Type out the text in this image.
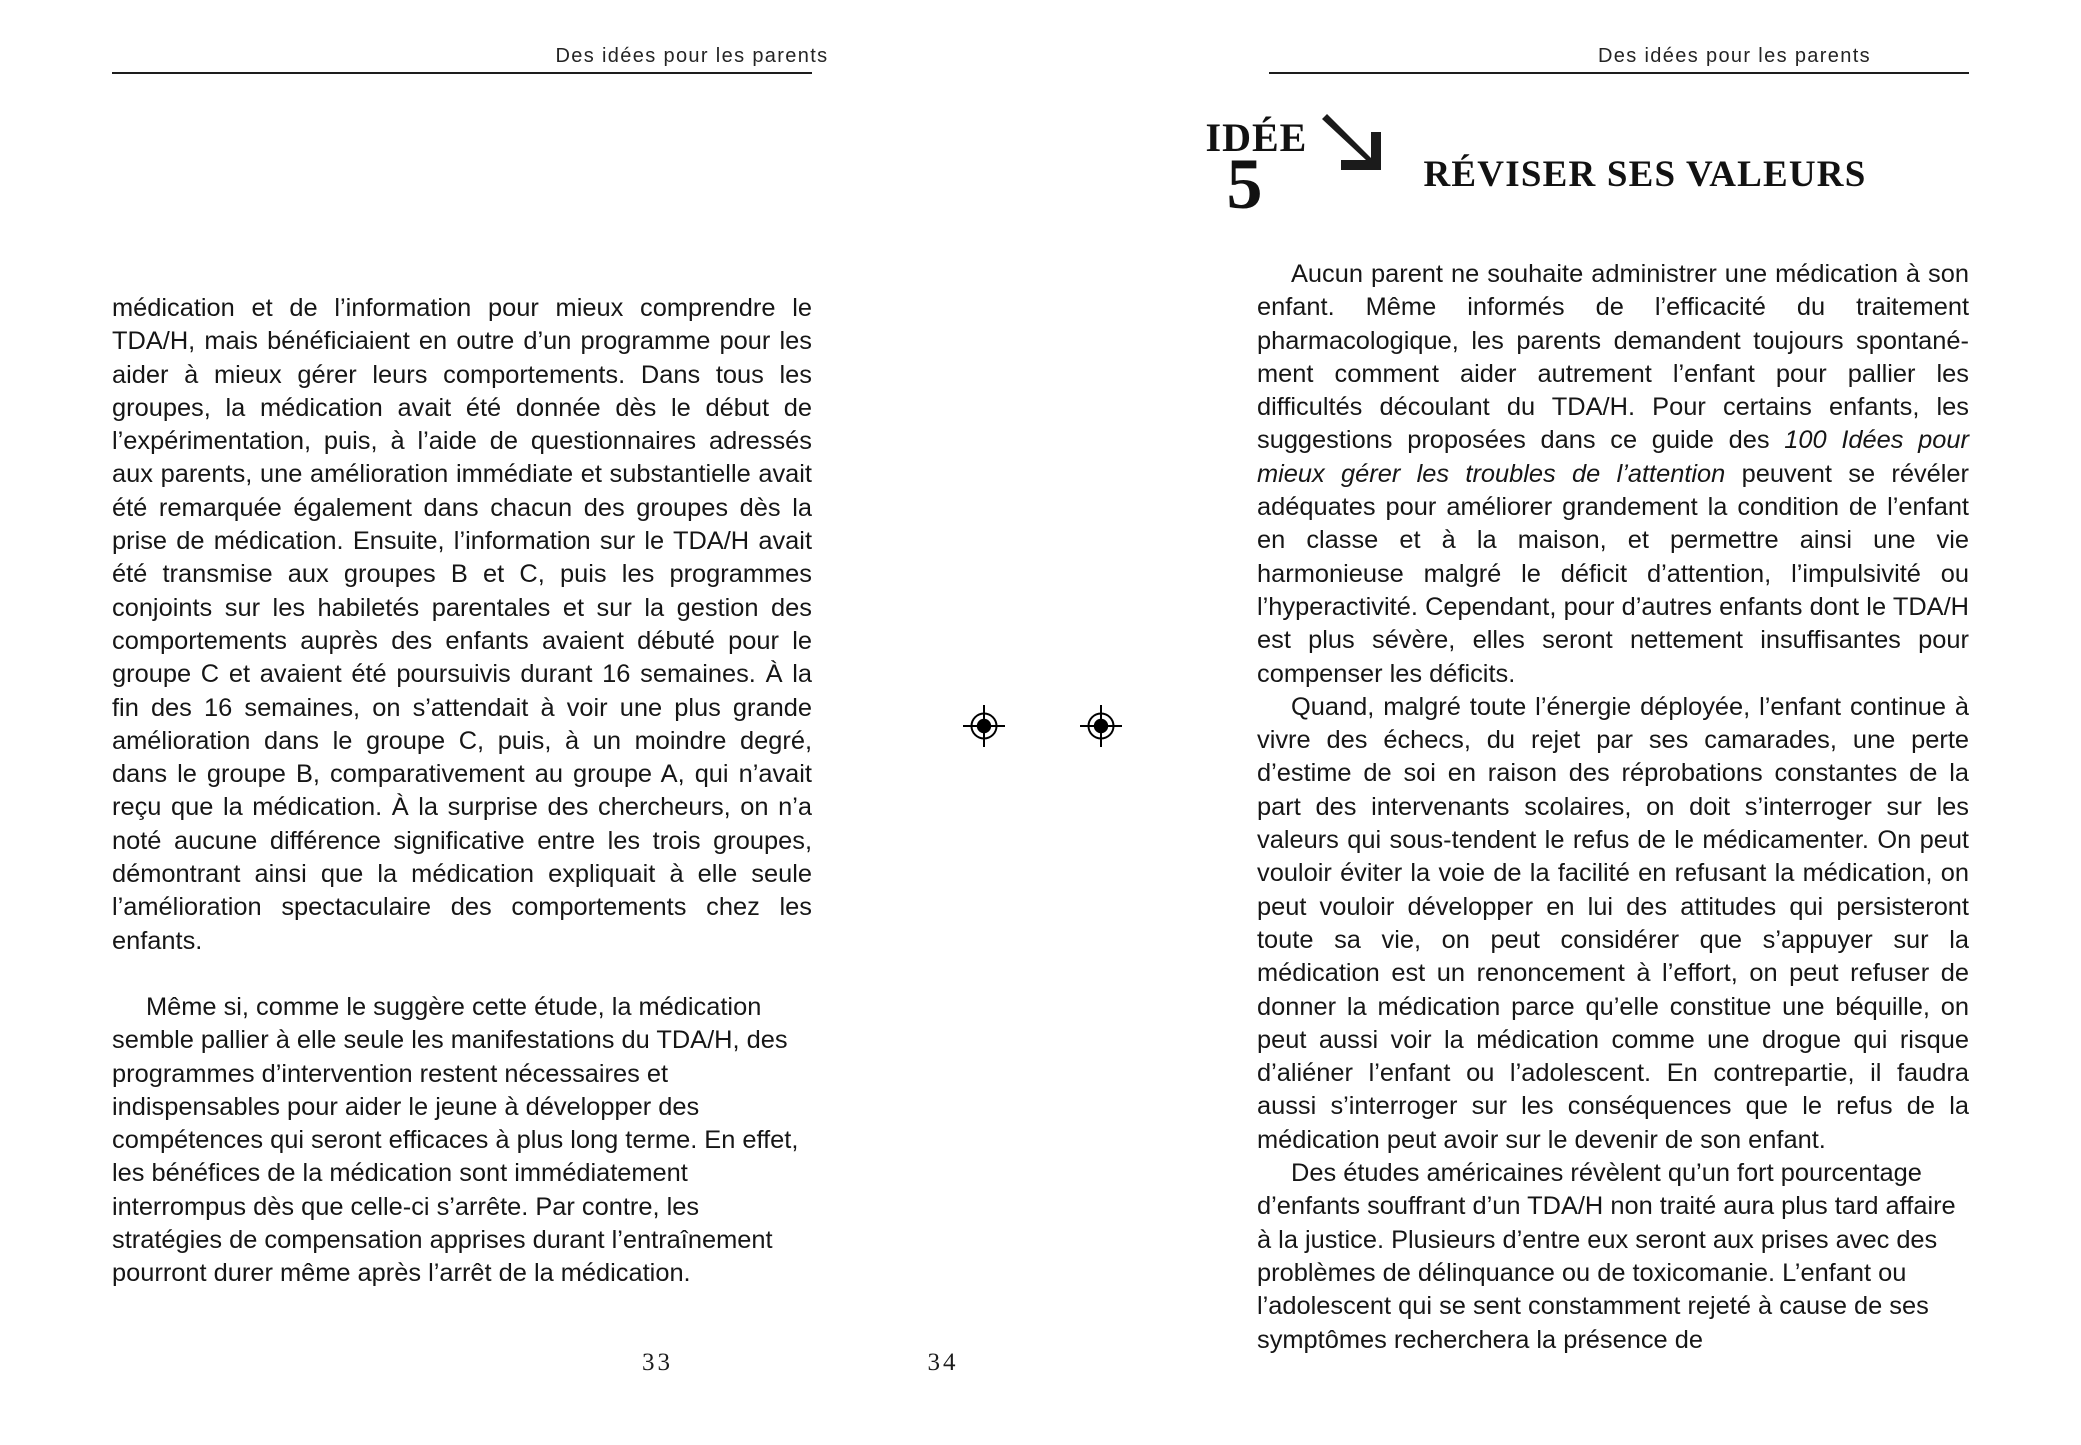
Des idées pour les parents

médication et de l’information pour mieux comprendre le TDA/H, mais bénéficiaient en outre d’un programme pour les aider à mieux gérer leurs comportements. Dans tous les groupes, la médication avait été donnée dès le début de l’expérimentation, puis, à l’aide de questionnaires adressés aux parents, une amélioration immédiate et substantielle avait été remarquée également dans chacun des groupes dès la prise de médication. Ensuite, l’information sur le TDA/H avait été transmise aux groupes B et C, puis les programmes conjoints sur les habiletés parentales et sur la gestion des comportements auprès des enfants avaient débuté pour le groupe C et avaient été poursuivis durant 16 semaines. À la fin des 16 semaines, on s’attendait à voir une plus grande amélioration dans le groupe C, puis, à un moindre degré, dans le groupe B, comparativement au groupe A, qui n’avait reçu que la médication. À la surprise des chercheurs, on n’a noté aucune différence significative entre les trois groupes, démontrant ainsi que la médication expliquait à elle seule l’amélioration spectaculaire des comportements chez les enfants.

Même si, comme le suggère cette étude, la médication semble pallier à elle seule les manifestations du TDA/H, des programmes d’intervention restent nécessaires et indispensables pour aider le jeune à développer des compétences qui seront efficaces à plus long terme. En effet, les bénéfices de la médication sont immédiatement interrompus dès que celle-ci s’arrête. Par contre, les stratégies de compensation apprises durant l’entraînement pourront durer même après l’arrêt de la médication.

33
Des idées pour les parents
IDÉE
5	RÉVISER SES VALEURS

Aucun parent ne souhaite administrer une médication à son enfant. Même informés de l’efficacité du traitement pharmacologique, les parents demandent toujours spontanément comment aider autrement l’enfant pour pallier les difficultés découlant du TDA/H. Pour certains enfants, les suggestions proposées dans ce guide des 100 Idées pour mieux gérer les troubles de l’attention peuvent se révéler adéquates pour améliorer grandement la condition de l’enfant en classe et à la maison, et permettre ainsi une vie harmonieuse malgré le déficit d’attention, l’impulsivité ou l’hyperactivité. Cependant, pour d’autres enfants dont le TDA/H est plus sévère, elles seront nettement insuffisantes pour compenser les déficits.

Quand, malgré toute l’énergie déployée, l’enfant continue à vivre des échecs, du rejet par ses camarades, une perte d’estime de soi en raison des réprobations constantes de la part des intervenants scolaires, on doit s’interroger sur les valeurs qui sous-tendent le refus de le médicamenter. On peut vouloir éviter la voie de la facilité en refusant la médication, on peut vouloir développer en lui des attitudes qui persisteront toute sa vie, on peut considérer que s’appuyer sur la médication est un renoncement à l’effort, on peut refuser de donner la médication parce qu’elle constitue une béquille, on peut aussi voir la médication comme une drogue qui risque d’aliéner l’enfant ou l’adolescent. En contrepartie, il faudra aussi s’interroger sur les conséquences que le refus de la médication peut avoir sur le devenir de son enfant.

Des études américaines révèlent qu’un fort pourcentage d’enfants souffrant d’un TDA/H non traité aura plus tard affaire à la justice. Plusieurs d’entre eux seront aux prises avec des problèmes de délinquance ou de toxicomanie. L’enfant ou l’adolescent qui se sent constamment rejeté à cause de ses symptômes recherchera la présence de

34
